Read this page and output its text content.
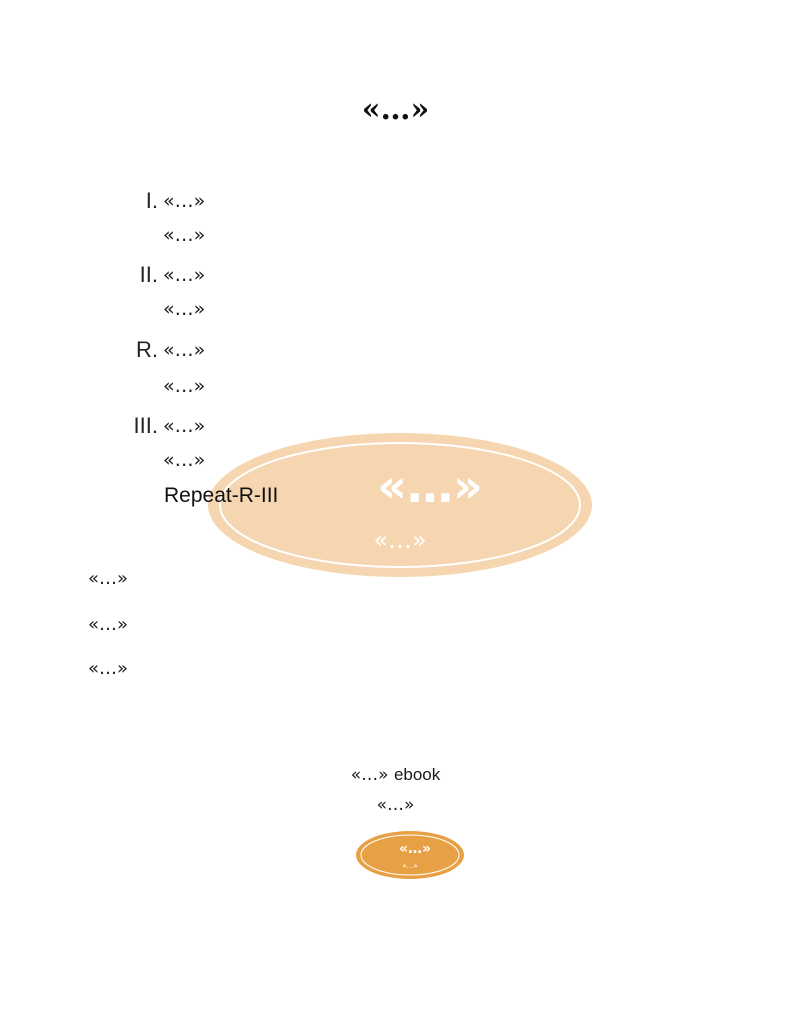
«…»
«…»
«…»
I. «…»
«…»
II. «…»
«…»
R. «…»
«…»
III. «…»
«…»
Repeat-R-III
«…»
«…»
«…»
«…» ebook
«…»
«…»
«…»
